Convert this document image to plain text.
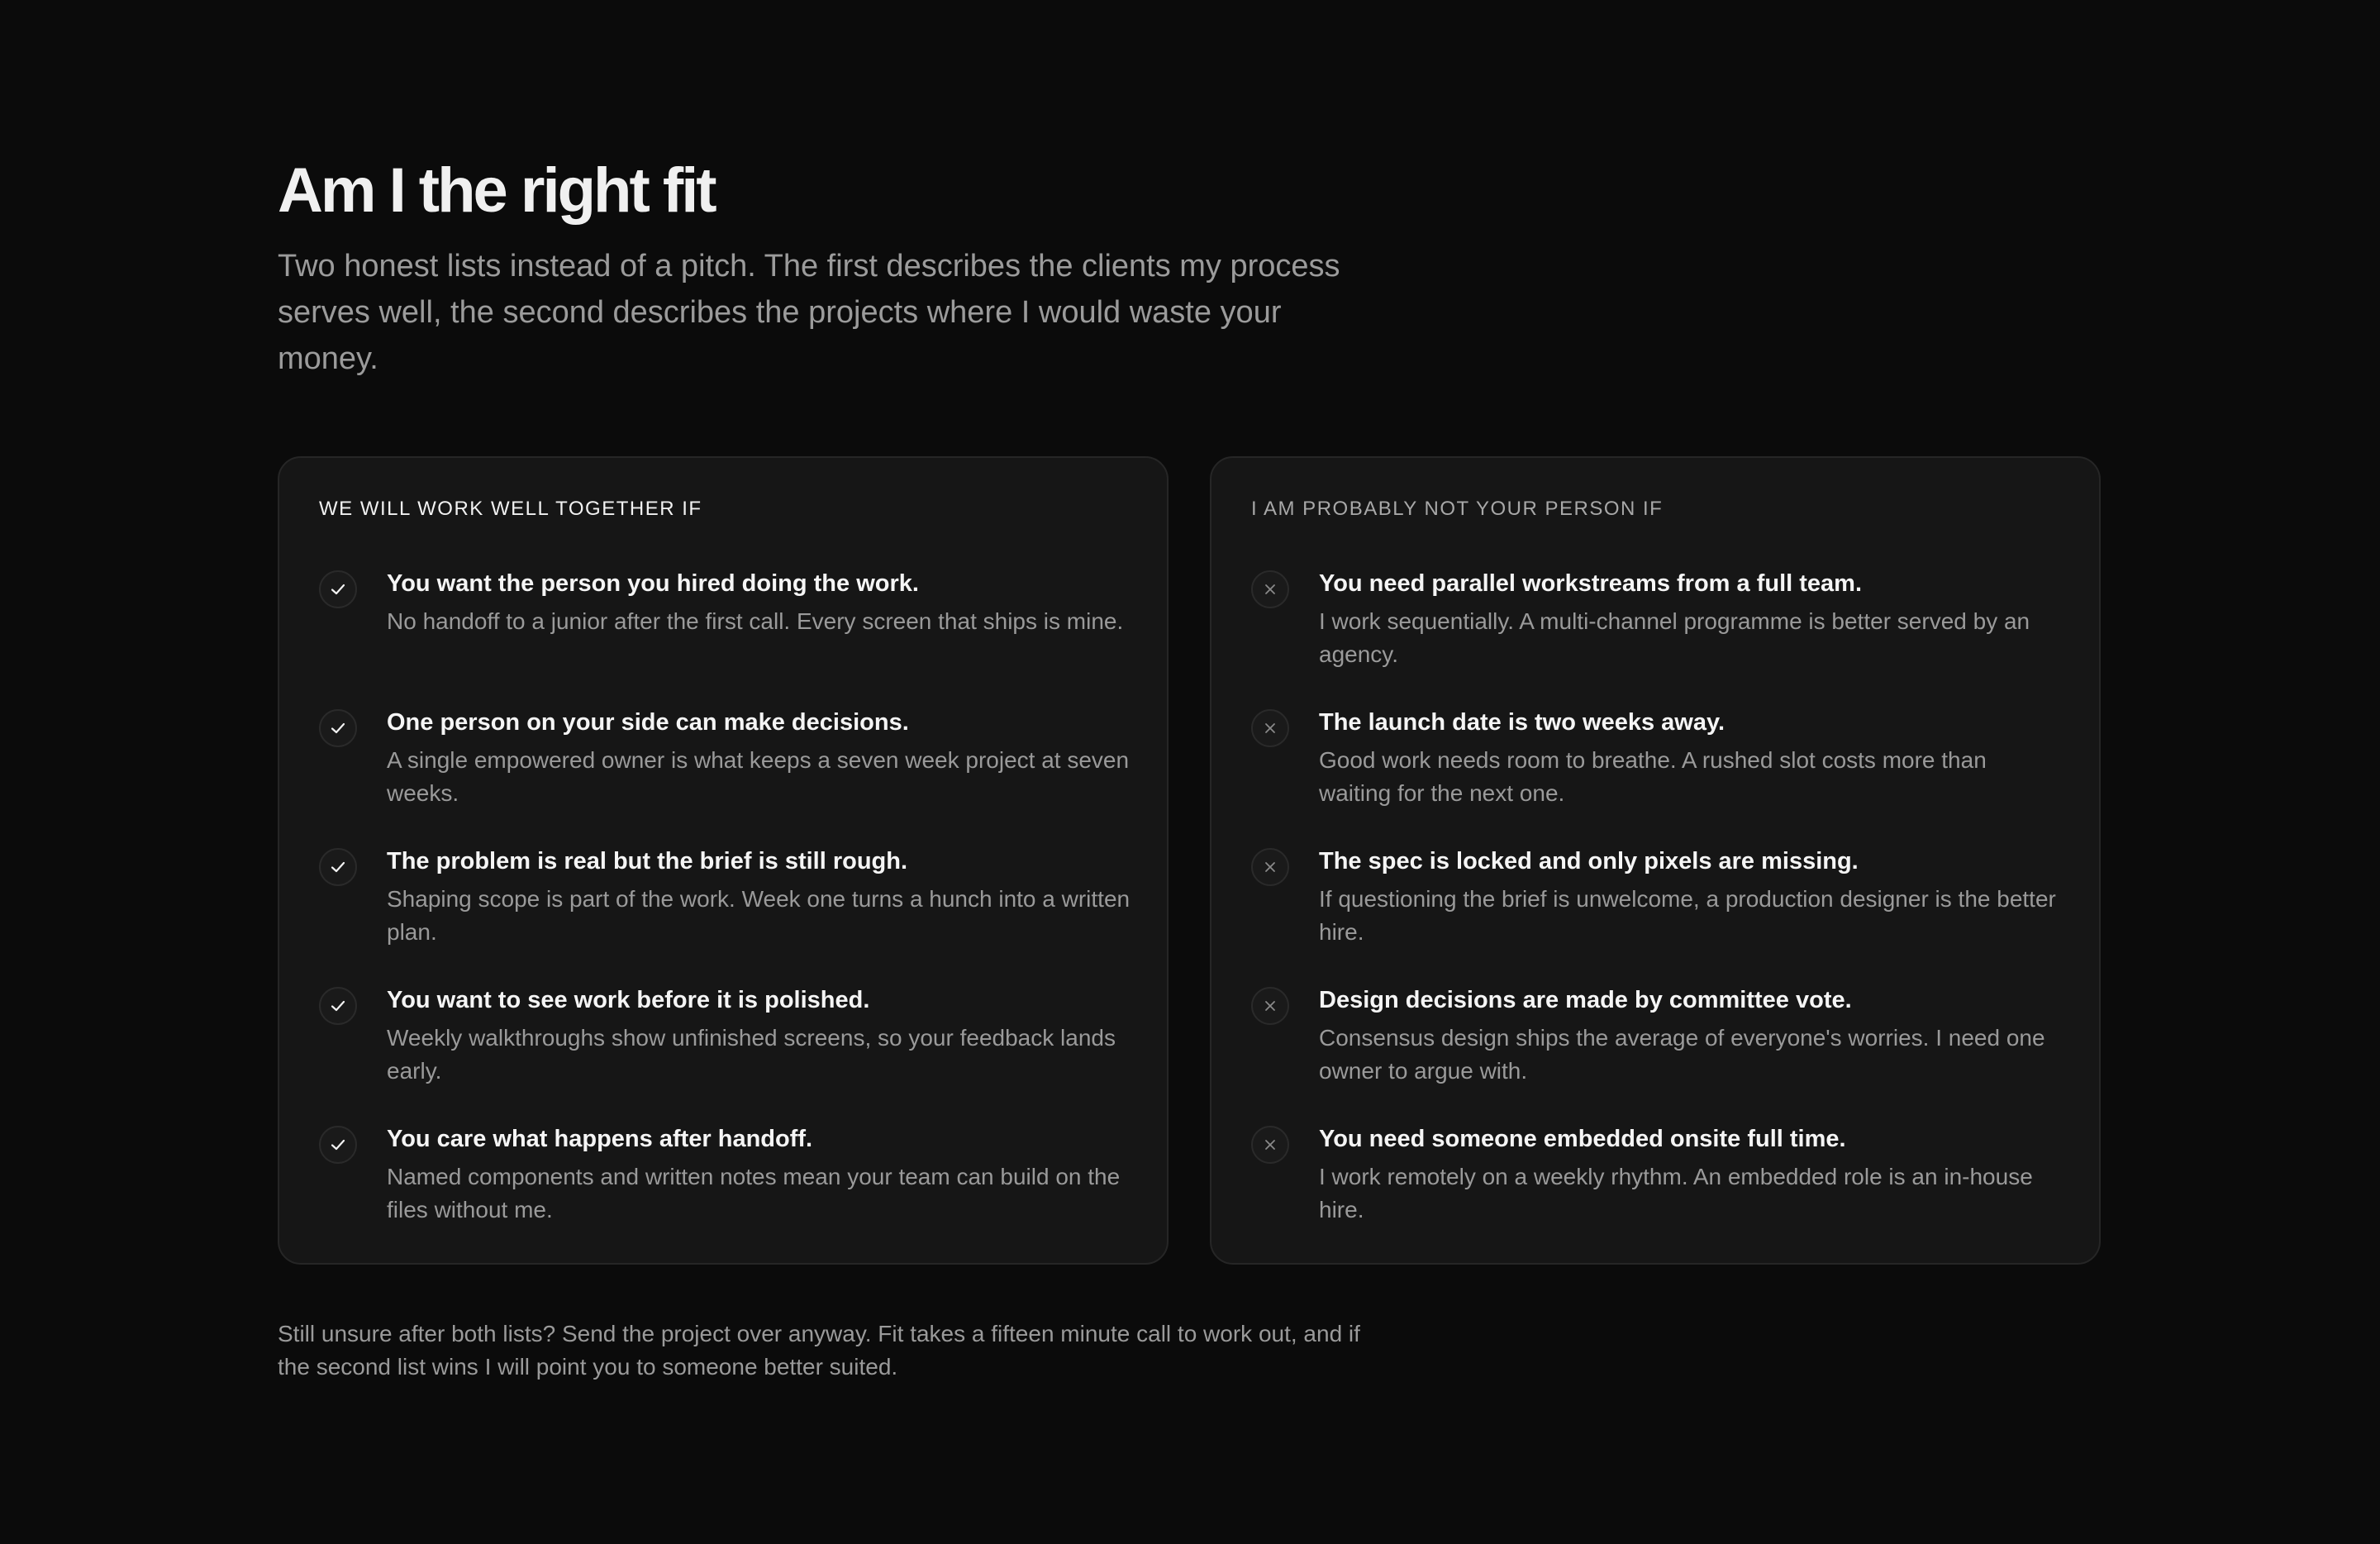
Am I the right fit

Two honest lists instead of a pitch. The first describes the clients my process serves well, the second describes the projects where I would waste your money.

WE WILL WORK WELL TOGETHER IF

You want the person you hired doing the work.

No handoff to a junior after the first call. Every screen that ships is mine.

One person on your side can make decisions.

A single empowered owner is what keeps a seven week project at seven weeks.

The problem is real but the brief is still rough.

Shaping scope is part of the work. Week one turns a hunch into a written plan.

You want to see work before it is polished.

Weekly walkthroughs show unfinished screens, so your feedback lands early.

You care what happens after handoff.

Named components and written notes mean your team can build on the files without me.

I AM PROBABLY NOT YOUR PERSON IF

You need parallel workstreams from a full team.

I work sequentially. A multi-channel programme is better served by an agency.

The launch date is two weeks away.

Good work needs room to breathe. A rushed slot costs more than waiting for the next one.

The spec is locked and only pixels are missing.

If questioning the brief is unwelcome, a production designer is the better hire.

Design decisions are made by committee vote.

Consensus design ships the average of everyone's worries. I need one owner to argue with.

You need someone embedded onsite full time.

I work remotely on a weekly rhythm. An embedded role is an in-house hire.

Still unsure after both lists? Send the project over anyway. Fit takes a fifteen minute call to work out, and if the second list wins I will point you to someone better suited.
